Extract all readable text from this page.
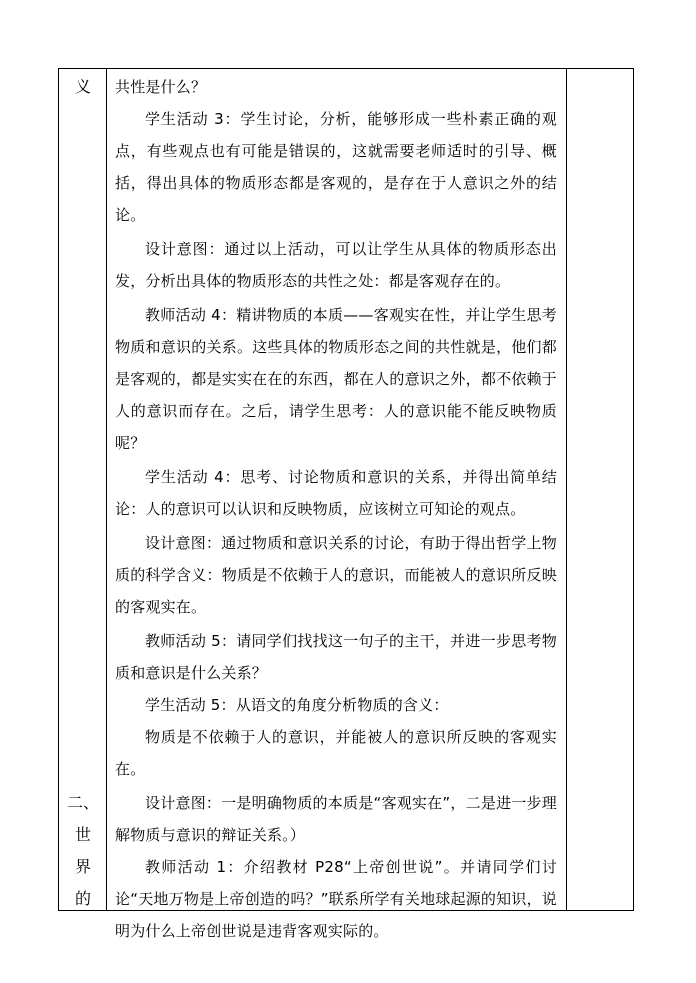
义
二、
世
界
的

共性是什么？

学生活动 3：学生讨论，分析，能够形成一些朴素正确的观点，有些观点也有可能是错误的，这就需要老师适时的引导、概括，得出具体的物质形态都是客观的，是存在于人意识之外的结论。

设计意图：通过以上活动，可以让学生从具体的物质形态出发，分析出具体的物质形态的共性之处：都是客观存在的。

教师活动 4：精讲物质的本质——客观实在性，并让学生思考物质和意识的关系。这些具体的物质形态之间的共性就是，他们都是客观的，都是实实在在的东西，都在人的意识之外，都不依赖于人的意识而存在。之后，请学生思考：人的意识能不能反映物质呢？

学生活动 4：思考、讨论物质和意识的关系，并得出简单结论：人的意识可以认识和反映物质，应该树立可知论的观点。

设计意图：通过物质和意识关系的讨论，有助于得出哲学上物质的科学含义：物质是不依赖于人的意识，而能被人的意识所反映的客观实在。

教师活动 5：请同学们找找这一句子的主干，并进一步思考物质和意识是什么关系？

学生活动 5：从语文的角度分析物质的含义：

物质是不依赖于人的意识，并能被人的意识所反映的客观实在。

设计意图：一是明确物质的本质是“客观实在”，二是进一步理解物质与意识的辩证关系。）

教师活动 1：介绍教材 P28“上帝创世说”。并请同学们讨论“天地万物是上帝创造的吗？”联系所学有关地球起源的知识，说明为什么上帝创世说是违背客观实际的。
